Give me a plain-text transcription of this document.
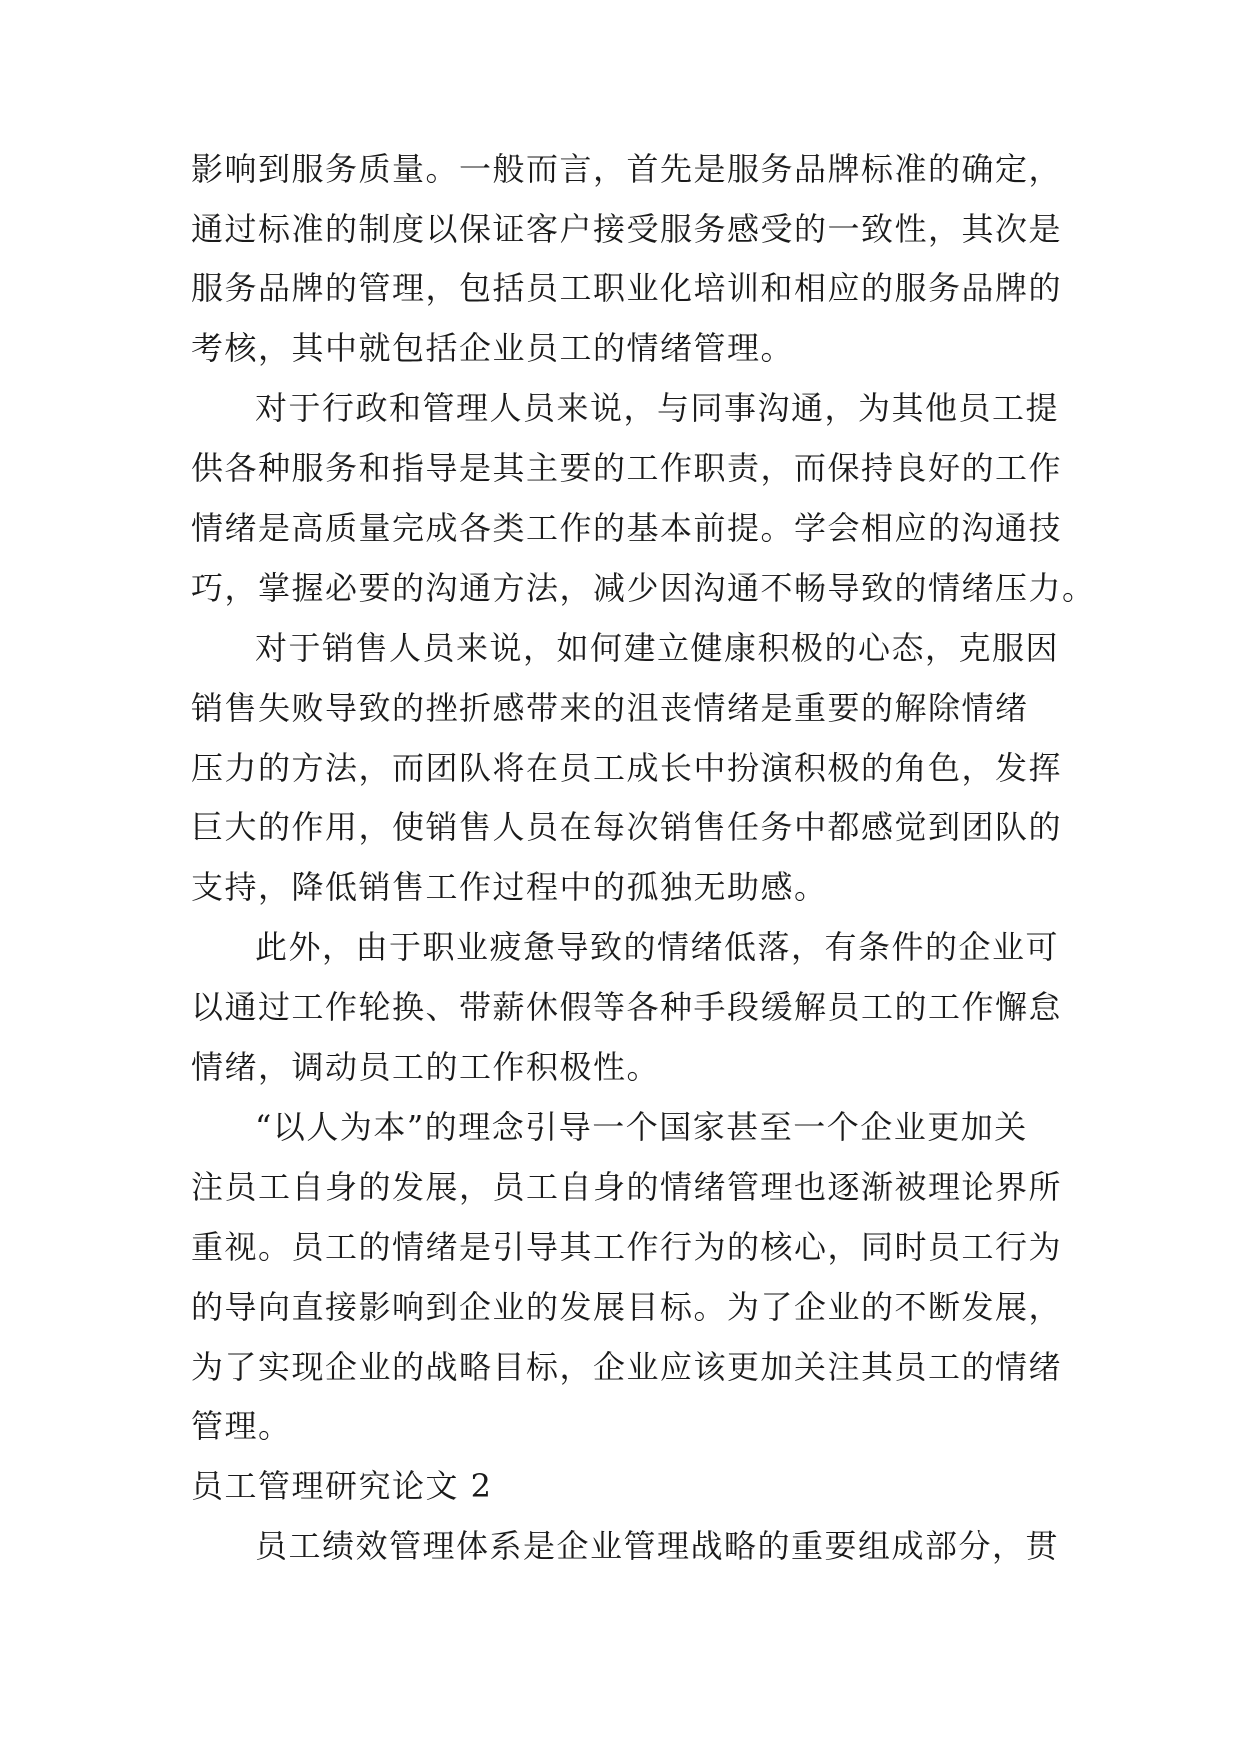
影响到服务质量。一般而言，首先是服务品牌标准的确定，
通过标准的制度以保证客户接受服务感受的一致性，其次是
服务品牌的管理，包括员工职业化培训和相应的服务品牌的
考核，其中就包括企业员工的情绪管理。
对于行政和管理人员来说，与同事沟通，为其他员工提
供各种服务和指导是其主要的工作职责，而保持良好的工作
情绪是高质量完成各类工作的基本前提。学会相应的沟通技
巧，掌握必要的沟通方法，减少因沟通不畅导致的情绪压力。
对于销售人员来说，如何建立健康积极的心态，克服因
销售失败导致的挫折感带来的沮丧情绪是重要的解除情绪
压力的方法，而团队将在员工成长中扮演积极的角色，发挥
巨大的作用，使销售人员在每次销售任务中都感觉到团队的
支持，降低销售工作过程中的孤独无助感。
此外，由于职业疲惫导致的情绪低落，有条件的企业可
以通过工作轮换、带薪休假等各种手段缓解员工的工作懈怠
情绪，调动员工的工作积极性。
“以人为本”的理念引导一个国家甚至一个企业更加关
注员工自身的发展，员工自身的情绪管理也逐渐被理论界所
重视。员工的情绪是引导其工作行为的核心，同时员工行为
的导向直接影响到企业的发展目标。为了企业的不断发展，
为了实现企业的战略目标，企业应该更加关注其员工的情绪
管理。
员工管理研究论文 2
员工绩效管理体系是企业管理战略的重要组成部分，贯
